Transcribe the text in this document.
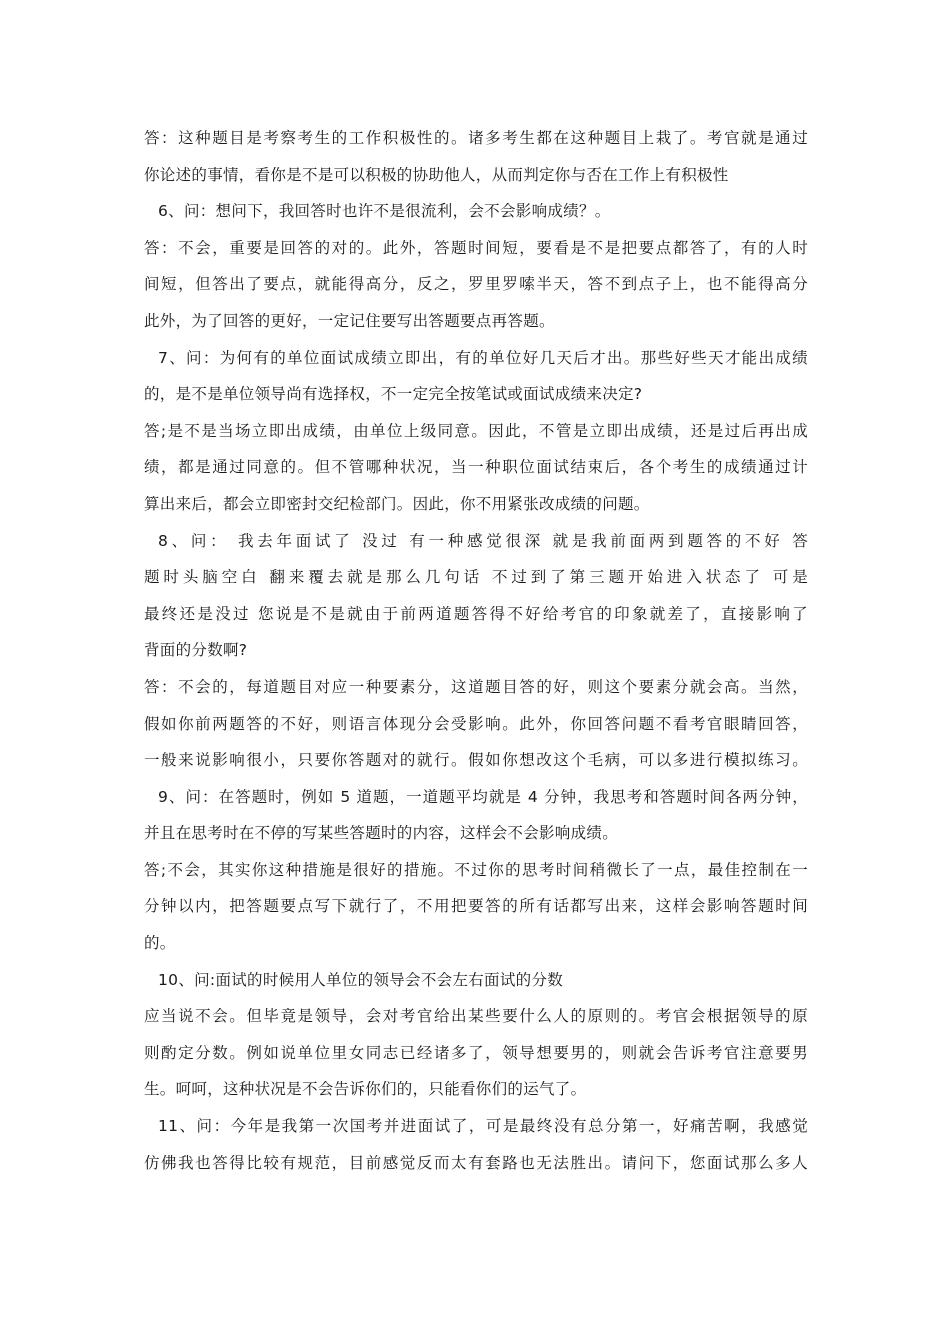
答：这种题目是考察考生的工作积极性的。诸多考生都在这种题目上栽了。考官就是通过
你论述的事情，看你是不是可以积极的协助他人，从而判定你与否在工作上有积极性
6、问：想问下，我回答时也许不是很流利，会不会影响成绩？。
答：不会，重要是回答的对的。此外，答题时间短，要看是不是把要点都答了，有的人时
间短，但答出了要点，就能得高分，反之，罗里罗嗦半天，答不到点子上，也不能得高分
此外，为了回答的更好，一定记住要写出答题要点再答题。
7、问：为何有的单位面试成绩立即出，有的单位好几天后才出。那些好些天才能出成绩
的，是不是单位领导尚有选择权，不一定完全按笔试或面试成绩来决定?
答;是不是当场立即出成绩，由单位上级同意。因此，不管是立即出成绩，还是过后再出成
绩，都是通过同意的。但不管哪种状况，当一种职位面试结束后，各个考生的成绩通过计
算出来后，都会立即密封交纪检部门。因此，你不用紧张改成绩的问题。
8、问： 我去年面试了 没过 有一种感觉很深 就是我前面两到题答的不好 答
题时头脑空白 翻来覆去就是那么几句话 不过到了第三题开始进入状态了 可是
最终还是没过 您说是不是就由于前两道题答得不好给考官的印象就差了，直接影响了
背面的分数啊?
答：不会的，每道题目对应一种要素分，这道题目答的好，则这个要素分就会高。当然，
假如你前两题答的不好，则语言体现分会受影响。此外，你回答问题不看考官眼睛回答，
一般来说影响很小，只要你答题对的就行。假如你想改这个毛病，可以多进行模拟练习。
9、问：在答题时，例如 5 道题，一道题平均就是 4 分钟，我思考和答题时间各两分钟，
并且在思考时在不停的写某些答题时的内容，这样会不会影响成绩。
答;不会，其实你这种措施是很好的措施。不过你的思考时间稍微长了一点，最佳控制在一
分钟以内，把答题要点写下就行了，不用把要答的所有话都写出来，这样会影响答题时间
的。
10、问:面试的时候用人单位的领导会不会左右面试的分数
应当说不会。但毕竟是领导，会对考官给出某些要什么人的原则的。考官会根据领导的原
则酌定分数。例如说单位里女同志已经诸多了，领导想要男的，则就会告诉考官注意要男
生。呵呵，这种状况是不会告诉你们的，只能看你们的运气了。
11、问：今年是我第一次国考并进面试了，可是最终没有总分第一，好痛苦啊，我感觉
仿佛我也答得比较有规范，目前感觉反而太有套路也无法胜出。请问下，您面试那么多人
